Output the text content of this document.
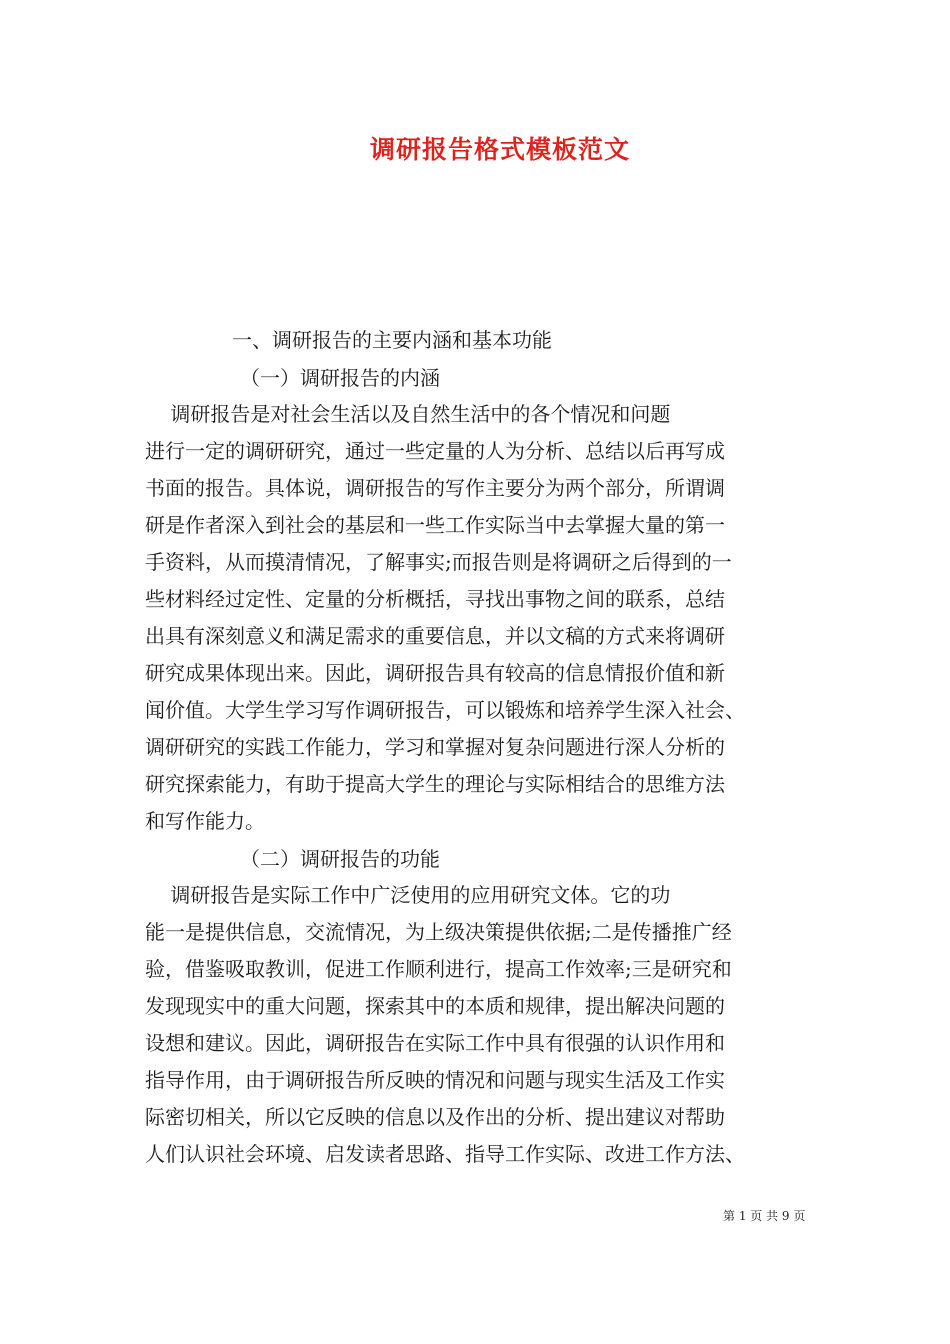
调研报告格式模板范文
一、调研报告的主要内涵和基本功能
（一）调研报告的内涵
调研报告是对社会生活以及自然生活中的各个情况和问题
进行一定的调研研究，通过一些定量的人为分析、总结以后再写成
书面的报告。具体说，调研报告的写作主要分为两个部分，所谓调
研是作者深入到社会的基层和一些工作实际当中去掌握大量的第一
手资料，从而摸清情况，了解事实;而报告则是将调研之后得到的一
些材料经过定性、定量的分析概括，寻找出事物之间的联系，总结
出具有深刻意义和满足需求的重要信息，并以文稿的方式来将调研
研究成果体现出来。因此，调研报告具有较高的信息情报价值和新
闻价值。大学生学习写作调研报告，可以锻炼和培养学生深入社会、
调研研究的实践工作能力，学习和掌握对复杂问题进行深人分析的
研究探索能力，有助于提高大学生的理论与实际相结合的思维方法
和写作能力。
（二）调研报告的功能
调研报告是实际工作中广泛使用的应用研究文体。它的功
能一是提供信息，交流情况，为上级决策提供依据;二是传播推广经
验，借鉴吸取教训，促进工作顺利进行，提高工作效率;三是研究和
发现现实中的重大问题，探索其中的本质和规律，提出解决问题的
设想和建议。因此，调研报告在实际工作中具有很强的认识作用和
指导作用，由于调研报告所反映的情况和问题与现实生活及工作实
际密切相关，所以它反映的信息以及作出的分析、提出建议对帮助
人们认识社会环境、启发读者思路、指导工作实际、改进工作方法、
第 1 页 共 9 页
